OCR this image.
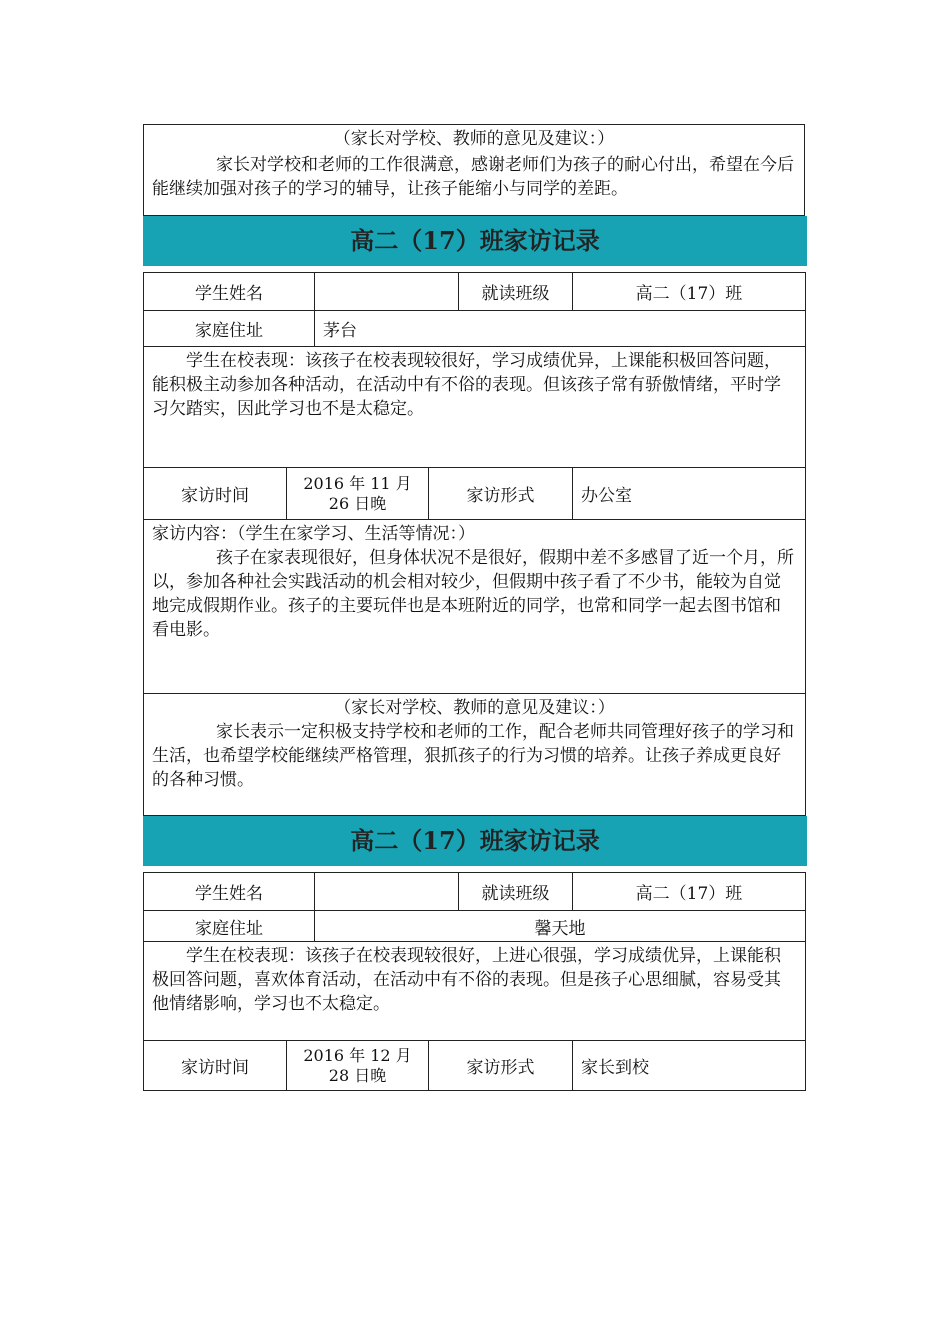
（家长对学校、教师的意见及建议：）
家长对学校和老师的工作很满意，感谢老师们为孩子的耐心付出，希望在今后能继续加强对孩子的学习的辅导，让孩子能缩小与同学的差距。
高二（17）班家访记录
学生姓名				就读班级	高二（17）班
家庭住址		茅台			
学生在校表现：该孩子在校表现较很好，学习成绩优异，上课能积极回答问题，能积极主动参加各种活动，在活动中有不俗的表现。但该孩子常有骄傲情绪，平时学习欠踏实，因此学习也不是太稳定。					
家访时间	2016 年 11 月 26 日晚		家访形式		办公室

家访内容：（学生在家学习、生活等情况：）
孩子在家表现很好，但身体状况不是很好，假期中差不多感冒了近一个月，所以，参加各种社会实践活动的机会相对较少，但假期中孩子看了不少书，能较为自觉地完成假期作业。孩子的主要玩伴也是本班附近的同学，也常和同学一起去图书馆和看电影。					

（家长对学校、教师的意见及建议：）
家长表示一定积极支持学校和老师的工作，配合老师共同管理好孩子的学习和生活，也希望学校能继续严格管理，狠抓孩子的行为习惯的培养。让孩子养成更良好的各种习惯。					
高二（17）班家访记录
学生姓名				就读班级	高二（17）班
家庭住址		馨天地			
学生在校表现：该孩子在校表现较很好，上进心很强，学习成绩优异，上课能积极回答问题，喜欢体育活动，在活动中有不俗的表现。但是孩子心思细腻，容易受其他情绪影响，学习也不太稳定。					
家访时间	2016 年 12 月 28 日晚		家访形式		家长到校
